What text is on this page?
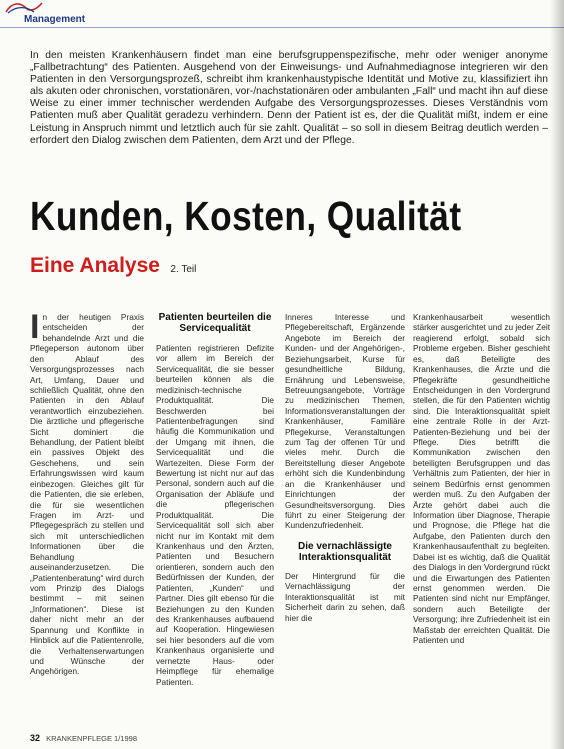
Management

In den meisten Krankenhäusern findet man eine berufsgruppenspezifische, mehr oder weniger anonyme „Fallbetrachtung“ des Patienten. Ausgehend von der Einweisungs- und Aufnahmediagnose integrieren wir den Patienten in den Versorgungsprozeß, schreibt ihm krankenhaustypische Identität und Motive zu, klassifiziert ihn als akuten oder chronischen, vorstationären, vor-/nachstationären oder ambulanten „Fall“ und macht ihn auf diese Weise zu einer immer technischer werdenden Aufgabe des Versorgungsprozesses. Dieses Verständnis vom Patienten muß aber Qualität geradezu verhindern. Denn der Patient ist es, der die Qualität mißt, indem er eine Leistung in Anspruch nimmt und letztlich auch für sie zahlt. Qualität – so soll in diesem Beitrag deutlich werden – erfordert den Dialog zwischen dem Patienten, dem Arzt und der Pflege.

Kunden, Kosten, Qualität
Eine Analyse 2. Teil
I n der heutigen Praxis entscheiden der behandelnde Arzt und die Pflegeperson autonom über den Ablauf des Versorgungsprozesses nach Art, Umfang, Dauer und schließlich Qualität, ohne den Patienten in den Ablauf verantwortlich einzubeziehen. Die ärztliche und pflegerische Sicht dominiert die Behandlung, der Patient bleibt ein passives Objekt des Geschehens, und sein Erfahrungswissen wird kaum einbezogen. Gleiches gilt für die Patienten, die sie erleben, die für sie wesentlichen Fragen im Arzt- und Pflegegespräch zu stellen und sich mit unterschiedlichen Informationen über die Behandlung auseinanderzusetzen. Die „Patientenberatung“ wird durch vom Prinzip des Dialogs bestimmt – mit seinen „Informationen“. Diese ist daher nicht mehr an der Spannung und Konflikte in Hinblick auf die Patientenrolle, die Verhaltenserwartungen und Wünsche der Angehörigen.
Patienten beurteilen die Servicequalität
Patienten registrieren Defizite vor allem im Bereich der Servicequalität, die sie besser beurteilen können als die medizinisch-technische Produktqualität. Die Beschwerden bei Patientenbefragungen sind häufig die Kommunikation und der Umgang mit ihnen, die Servicequalität und die Wartezeiten. Diese Form der Bewertung ist nicht nur auf das Personal, sondern auch auf die Organisation der Abläufe und die pflegerischen Produktqualität. Die Servicequalität soll sich aber nicht nur im Kontakt mit dem Krankenhaus und den Ärzten, Patienten und Besuchern orientieren, sondern auch den Bedürfnissen der Kunden, der Patienten, „Kunden“ und Partner. Dies gilt ebenso für die Beziehungen zu den Kunden des Krankenhauses aufbauend auf Kooperation. Hingewiesen sei hier besonders auf die vom Krankenhaus organisierte und vernetzte Haus- oder Heimpflege für ehemalige Patienten.
Inneres Interesse und Pflegebereitschaft, Ergänzende Angebote im Bereich der Kunden- und der Angehörigen-, Beziehungsarbeit, Kurse für gesundheitliche Bildung, Ernährung und Lebensweise, Betreuungsangebote, Vorträge zu medizinischen Themen, Informationsveranstaltungen der Krankenhäuser, Familiäre Pflegekurse, Veranstaltungen zum Tag der offenen Tür und vieles mehr. Durch die Bereitstellung dieser Angebote erhöht sich die Kundenbindung an die Krankenhäuser und Einrichtungen der Gesundheitsversorgung. Dies führt zu einer Steigerung der Kundenzufriedenheit.
Die vernachlässigte Interaktionsqualität
Der Hintergrund für die Vernachlässigung der Interaktionsqualität ist mit Sicherheit darin zu sehen, daß hier die
Krankenhausarbeit wesentlich stärker ausgerichtet und zu jeder Zeit reagierend erfolgt, sobald sich Probleme ergeben. Bisher geschieht es, daß Beteiligte des Krankenhauses, die Ärzte und die Pflegekräfte gesundheitliche Entscheidungen in den Vordergrund stellen, die für den Patienten wichtig sind. Die Interaktionsqualität spielt eine zentrale Rolle in der Arzt-Patienten-Beziehung und bei der Pflege. Dies betrifft die Kommunikation zwischen den beteiligten Berufsgruppen und das Verhältnis zum Patienten, der hier in seinem Bedürfnis ernst genommen werden muß. Zu den Aufgaben der Ärzte gehört dabei auch die Information über Diagnose, Therapie und Prognose, die Pflege hat die Aufgabe, den Patienten durch den Krankenhausaufenthalt zu begleiten. Dabei ist es wichtig, daß die Qualität des Dialogs in den Vordergrund rückt und die Erwartungen des Patienten ernst genommen werden. Die Patienten sind nicht nur Empfänger, sondern auch Beteiligte der Versorgung; ihre Zufriedenheit ist ein Maßstab der erreichten Qualität. Die Patienten und
32 KRANKENPFLEGE 1/1998
